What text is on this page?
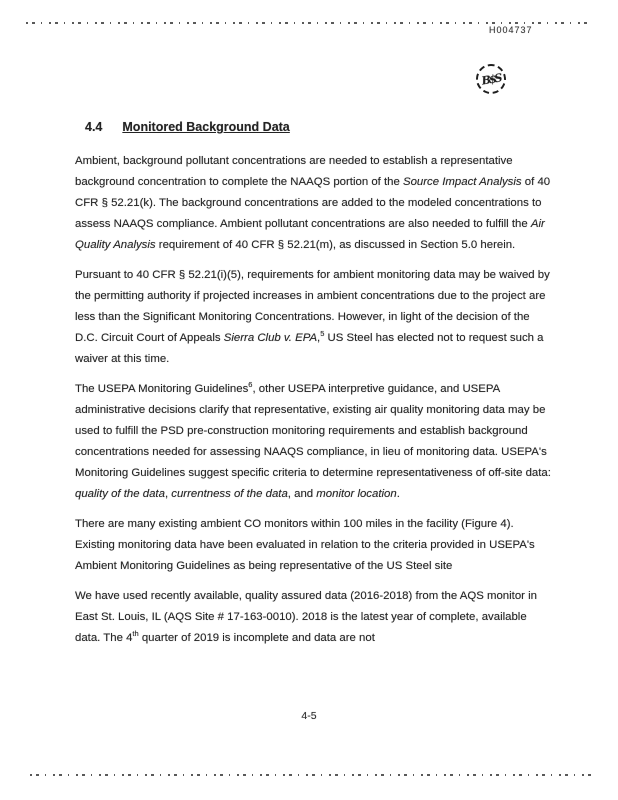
H004737
B$S
4.4 Monitored Background Data

Ambient, background pollutant concentrations are needed to establish a representative background concentration to complete the NAAQS portion of the Source Impact Analysis of 40 CFR § 52.21(k). The background concentrations are added to the modeled concentrations to assess NAAQS compliance. Ambient pollutant concentrations are also needed to fulfill the Air Quality Analysis requirement of 40 CFR § 52.21(m), as discussed in Section 5.0 herein.

Pursuant to 40 CFR § 52.21(i)(5), requirements for ambient monitoring data may be waived by the permitting authority if projected increases in ambient concentrations due to the project are less than the Significant Monitoring Concentrations. However, in light of the decision of the D.C. Circuit Court of Appeals Sierra Club v. EPA,$^5$ US Steel has elected not to request such a waiver at this time.

The USEPA Monitoring Guidelines$^6$, other USEPA interpretive guidance, and USEPA administrative decisions clarify that representative, existing air quality monitoring data may be used to fulfill the PSD pre-construction monitoring requirements and establish background concentrations needed for assessing NAAQS compliance, in lieu of monitoring data. USEPA's Monitoring Guidelines suggest specific criteria to determine representativeness of off-site data: quality of the data, currentness of the data, and monitor location.

There are many existing ambient CO monitors within 100 miles in the facility (Figure 4). Existing monitoring data have been evaluated in relation to the criteria provided in USEPA's Ambient Monitoring Guidelines as being representative of the US Steel site

We have used recently available, quality assured data (2016-2018) from the AQS monitor in East St. Louis, IL (AQS Site # 17-163-0010). 2018 is the latest year of complete, available data. The 4th quarter of 2019 is incomplete and data are not

4-5
